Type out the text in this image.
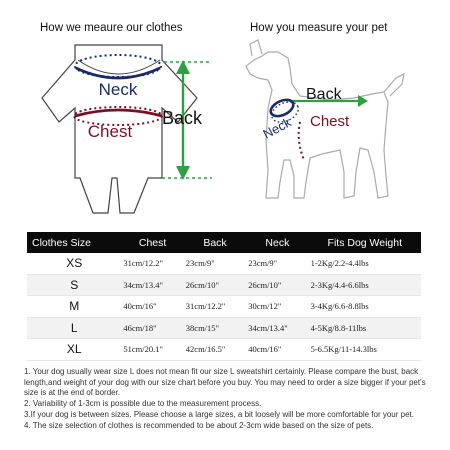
How we meaure our clothes	How you measure your pet
Neck
Chest
Back
Back
Neck Chest
Clothes Size	Chest	Back	Neck	Fits Dog Weight
XS	31cm/12.2"	23cm/9"	23cm/9"	1-2Kg/2.2-4.4lbs
S	34cm/13.4"	26cm/10"	26cm/10"	2-3Kg/4.4-6.6lbs
M	40cm/16"	31cm/12.2"	30cm/12"	3-4Kg/6.6-8.8lbs
L	46cm/18"	38cm/15"	34cm/13.4"	4-5Kg/8.8-11lbs
XL	51cm/20.1"	42cm/16.5"	40cm/16"	5-6.5Kg/11-14.3lbs

1. Your dog usually wear size L does not mean fit our size L sweatshirt certainly. Please compare the bust, back length,and weight of your dog with our size chart before you buy. You may need to order a size bigger if your pet's size is at the end of border.

2. Variability of 1-3cm is possible due to the measurement process.

3.If your dog is between sizes. Please choose a large sizes, a bit loosely will be more comfortable for your pet.

4. The size selection of clothes is recommended to be about 2-3cm wide based on the size of pets.
